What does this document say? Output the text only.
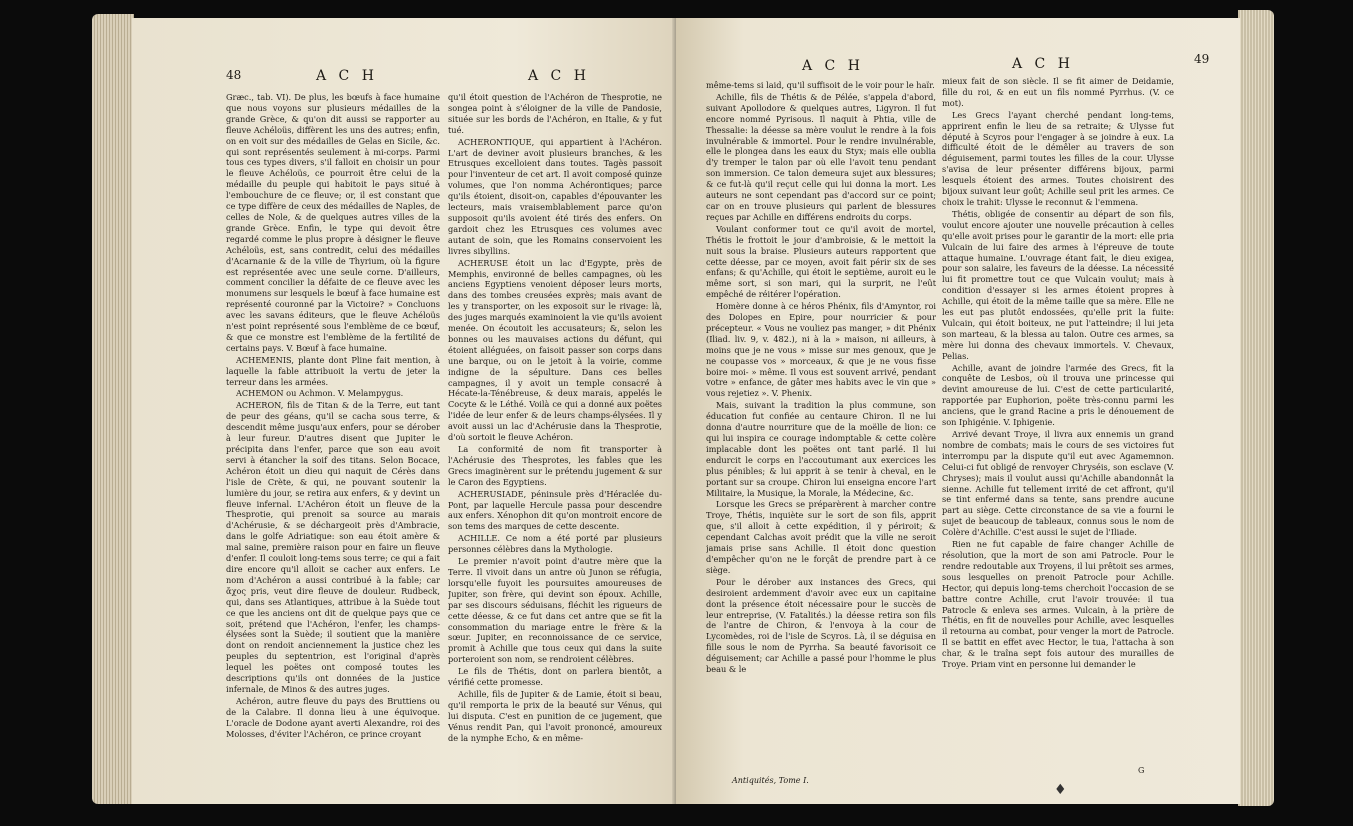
48	A C H	A C H

Græc., tab. VI). De plus, les bœufs à face humaine que nous voyons sur plusieurs médailles de la grande Grèce, & qu'on dit aussi se rapporter au fleuve Achéloüs, diffèrent les uns des autres; enfin, on en voit sur des médailles de Gelas en Sicile, &c. qui sont représentés seulement à mi-corps. Parmi tous ces types divers, s'il falloit en choisir un pour le fleuve Achéloüs, ce pourroit être celui de la médaille du peuple qui habitoit le pays situé à l'embouchure de ce fleuve; or, il est constant que ce type diffère de ceux des médailles de Naples, de celles de Nole, & de quelques autres villes de la grande Grèce. Enfin, le type qui devoit être regardé comme le plus propre à désigner le fleuve Achéloüs, est, sans contredit, celui des médailles d'Acarnanie & de la ville de Thyrium, où la figure est représentée avec une seule corne. D'ailleurs, comment concilier la défaite de ce fleuve avec les monumens sur lesquels le bœuf à face humaine est représenté couronné par la Victoire? » Concluons avec les savans éditeurs, que le fleuve Achéloüs n'est point représenté sous l'emblème de ce bœuf, & que ce monstre est l'emblème de la fertilité de certains pays. V. Bœuf à face humaine.

ACHEMENIS, plante dont Pline fait mention, à laquelle la fable attribuoit la vertu de jeter la terreur dans les armées.

ACHEMON ou Achmon. V. Melampygus.

ACHERON, fils de Titan & de la Terre, eut tant de peur des géans, qu'il se cacha sous terre, & descendit même jusqu'aux enfers, pour se dérober à leur fureur. D'autres disent que Jupiter le précipita dans l'enfer, parce que son eau avoit servi à étancher la soif des titans. Selon Bocace, Achéron étoit un dieu qui naquit de Cérès dans l'isle de Crète, & qui, ne pouvant soutenir la lumière du jour, se retira aux enfers, & y devint un fleuve infernal. L'Achéron étoit un fleuve de la Thesprotie, qui prenoit sa source au marais d'Achérusie, & se déchargeoit près d'Ambracie, dans le golfe Adriatique: son eau étoit amère & mal saine, première raison pour en faire un fleuve d'enfer. Il couloit long-tems sous terre; ce qui a fait dire encore qu'il alloit se cacher aux enfers. Le nom d'Achéron a aussi contribué à la fable; car ἄχος pris, veut dire fleuve de douleur. Rudbeck, qui, dans ses Atlantiques, attribue à la Suède tout ce que les anciens ont dit de quelque pays que ce soit, prétend que l'Achéron, l'enfer, les champs-élysées sont la Suède; il soutient que la manière dont on rendoit anciennement la justice chez les peuples du septentrion, est l'original d'après lequel les poëtes ont composé toutes les descriptions qu'ils ont données de la justice infernale, de Minos & des autres juges.

Achéron, autre fleuve du pays des Bruttiens ou de la Calabre. Il donna lieu à une équivoque. L'oracle de Dodone ayant averti Alexandre, roi des Molosses, d'éviter l'Achéron, ce prince croyant

qu'il étoit question de l'Achéron de Thesprotie, ne songea point à s'éloigner de la ville de Pandosie, située sur les bords de l'Achéron, en Italie, & y fut tué.

ACHERONTIQUE, qui appartient à l'Achéron. L'art de deviner avoit plusieurs branches, & les Etrusques excelloient dans toutes. Tagès passoit pour l'inventeur de cet art. Il avoit composé quinze volumes, que l'on nomma Achérontiques; parce qu'ils étoient, disoit-on, capables d'épouvanter les lecteurs, mais vraisemblablement parce qu'on supposoit qu'ils avoient été tirés des enfers. On gardoit chez les Etrusques ces volumes avec autant de soin, que les Romains conservoient les livres sibyllins.

ACHERUSE étoit un lac d'Egypte, près de Memphis, environné de belles campagnes, où les anciens Egyptiens venoient déposer leurs morts, dans des tombes creusées exprès; mais avant de les y transporter, on les exposoit sur le rivage: là, des juges marqués examinoient la vie qu'ils avoient menée. On écoutoit les accusateurs; &, selon les bonnes ou les mauvaises actions du défunt, qui étoient alléguées, on faisoit passer son corps dans une barque, ou on le jetoit à la voirie, comme indigne de la sépulture. Dans ces belles campagnes, il y avoit un temple consacré à Hécate-la-Ténébreuse, & deux marais, appelés le Cocyte & le Léthé. Voilà ce qui a donné aux poëtes l'idée de leur enfer & de leurs champs-élysées. Il y avoit aussi un lac d'Achérusie dans la Thesprotie, d'où sortoit le fleuve Achéron.

La conformité de nom fit transporter à l'Achérusie des Thesprotes, les fables que les Grecs imaginèrent sur le prétendu jugement & sur le Caron des Egyptiens.

ACHERUSIADE, péninsule près d'Héraclée du-Pont, par laquelle Hercule passa pour descendre aux enfers. Xénophon dit qu'on montroit encore de son tems des marques de cette descente.

ACHILLE. Ce nom a été porté par plusieurs personnes célèbres dans la Mythologie.

Le premier n'avoit point d'autre mère que la Terre. Il vivoit dans un antre où Junon se réfugia, lorsqu'elle fuyoit les poursuites amoureuses de Jupiter, son frère, qui devint son époux. Achille, par ses discours séduisans, fléchit les rigueurs de cette déesse, & ce fut dans cet antre que se fit la consommation du mariage entre le frère & la sœur. Jupiter, en reconnoissance de ce service, promit à Achille que tous ceux qui dans la suite porteroient son nom, se rendroient célèbres.

Le fils de Thétis, dont on parlera bientôt, a vérifié cette promesse.

Achille, fils de Jupiter & de Lamie, étoit si beau, qu'il remporta le prix de la beauté sur Vénus, qui lui disputa. C'est en punition de ce jugement, que Vénus rendit Pan, qui l'avoit prononcé, amoureux de la nymphe Echo, & en même-

A C H	A C H	49

même-tems si laid, qu'il suffisoit de le voir pour le haïr.

Achille, fils de Thétis & de Pélée, s'appela d'abord, suivant Apollodore & quelques autres, Ligyron. Il fut encore nommé Pyrisous. Il naquit à Phtia, ville de Thessalie: la déesse sa mère voulut le rendre à la fois invulnérable & immortel. Pour le rendre invulnérable, elle le plongea dans les eaux du Styx; mais elle oublia d'y tremper le talon par où elle l'avoit tenu pendant son immersion. Ce talon demeura sujet aux blessures; & ce fut-là qu'il reçut celle qui lui donna la mort. Les auteurs ne sont cependant pas d'accord sur ce point; car on en trouve plusieurs qui parlent de blessures reçues par Achille en différens endroits du corps.

Voulant conformer tout ce qu'il avoit de mortel, Thétis le frottoit le jour d'ambroisie, & le mettoit la nuit sous la braise. Plusieurs auteurs rapportent que cette déesse, par ce moyen, avoit fait périr six de ses enfans; & qu'Achille, qui étoit le septième, auroit eu le même sort, si son mari, qui la surprit, ne l'eût empêché de réitérer l'opération.

Homère donne à ce héros Phénix, fils d'Amyntor, roi des Dolopes en Epire, pour nourricier & pour précepteur. « Vous ne vouliez pas manger, » dit Phénix (Iliad. liv. 9, v. 482.), ni à la » maison, ni ailleurs, à moins que je ne vous » misse sur mes genoux, que je ne coupasse vos » morceaux, & que je ne vous fisse boire moi- » même. Il vous est souvent arrivé, pendant votre » enfance, de gâter mes habits avec le vin que » vous rejetiez ». V. Phenix.

Mais, suivant la tradition la plus commune, son éducation fut confiée au centaure Chiron. Il ne lui donna d'autre nourriture que de la moëlle de lion: ce qui lui inspira ce courage indomptable & cette colère implacable dont les poëtes ont tant parlé. Il lui endurcit le corps en l'accoutumant aux exercices les plus pénibles; & lui apprit à se tenir à cheval, en le portant sur sa croupe. Chiron lui enseigna encore l'art Militaire, la Musique, la Morale, la Médecine, &c.

Lorsque les Grecs se préparèrent à marcher contre Troye, Thétis, inquiète sur le sort de son fils, apprit que, s'il alloit à cette expédition, il y périroit; & cependant Calchas avoit prédit que la ville ne seroit jamais prise sans Achille. Il étoit donc question d'empêcher qu'on ne le forçât de prendre part à ce siège.

Pour le dérober aux instances des Grecs, qui desiroient ardemment d'avoir avec eux un capitaine dont la présence étoit nécessaire pour le succès de leur entreprise, (V. Fatalités.) la déesse retira son fils de l'antre de Chiron, & l'envoya à la cour de Lycomèdes, roi de l'isle de Scyros. Là, il se déguisa en fille sous le nom de Pyrrha. Sa beauté favorisoit ce déguisement; car Achille a passé pour l'homme le plus beau & le

mieux fait de son siècle. Il se fit aimer de Deidamie, fille du roi, & en eut un fils nommé Pyrrhus. (V. ce mot).

Les Grecs l'ayant cherché pendant long-tems, apprirent enfin le lieu de sa retraite; & Ulysse fut député à Scyros pour l'engager à se joindre à eux. La difficulté étoit de le démêler au travers de son déguisement, parmi toutes les filles de la cour. Ulysse s'avisa de leur présenter différens bijoux, parmi lesquels étoient des armes. Toutes choisirent des bijoux suivant leur goût; Achille seul prit les armes. Ce choix le trahit: Ulysse le reconnut & l'emmena.

Thétis, obligée de consentir au départ de son fils, voulut encore ajouter une nouvelle précaution à celles qu'elle avoit prises pour le garantir de la mort: elle pria Vulcain de lui faire des armes à l'épreuve de toute attaque humaine. L'ouvrage étant fait, le dieu exigea, pour son salaire, les faveurs de la déesse. La nécessité lui fit promettre tout ce que Vulcain voulut; mais à condition d'essayer si les armes étoient propres à Achille, qui étoit de la même taille que sa mère. Elle ne les eut pas plutôt endossées, qu'elle prit la fuite: Vulcain, qui étoit boiteux, ne put l'atteindre; il lui jeta son marteau, & la blessa au talon. Outre ces armes, sa mère lui donna des chevaux immortels. V. Chevaux, Pelias.

Achille, avant de joindre l'armée des Grecs, fit la conquête de Lesbos, où il trouva une princesse qui devint amoureuse de lui. C'est de cette particularité, rapportée par Euphorion, poëte très-connu parmi les anciens, que le grand Racine a pris le dénouement de son Iphigénie. V. Iphigenie.

Arrivé devant Troye, il livra aux ennemis un grand nombre de combats; mais le cours de ses victoires fut interrompu par la dispute qu'il eut avec Agamemnon. Celui-ci fut obligé de renvoyer Chryséis, son esclave (V. Chryses); mais il voulut aussi qu'Achille abandonnât la sienne. Achille fut tellement irrité de cet affront, qu'il se tint enfermé dans sa tente, sans prendre aucune part au siège. Cette circonstance de sa vie a fourni le sujet de beaucoup de tableaux, connus sous le nom de Colère d'Achille. C'est aussi le sujet de l'Iliade.

Rien ne fut capable de faire changer Achille de résolution, que la mort de son ami Patrocle. Pour le rendre redoutable aux Troyens, il lui prêtoit ses armes, sous lesquelles on prenoit Patrocle pour Achille. Hector, qui depuis long-tems cherchoit l'occasion de se battre contre Achille, crut l'avoir trouvée: il tua Patrocle & enleva ses armes. Vulcain, à la prière de Thétis, en fit de nouvelles pour Achille, avec lesquelles il retourna au combat, pour venger la mort de Patrocle. Il se battit en effet avec Hector, le tua, l'attacha à son char, & le traîna sept fois autour des murailles de Troye. Priam vint en personne lui demander le

Antiquités, Tome I.
G
♦
